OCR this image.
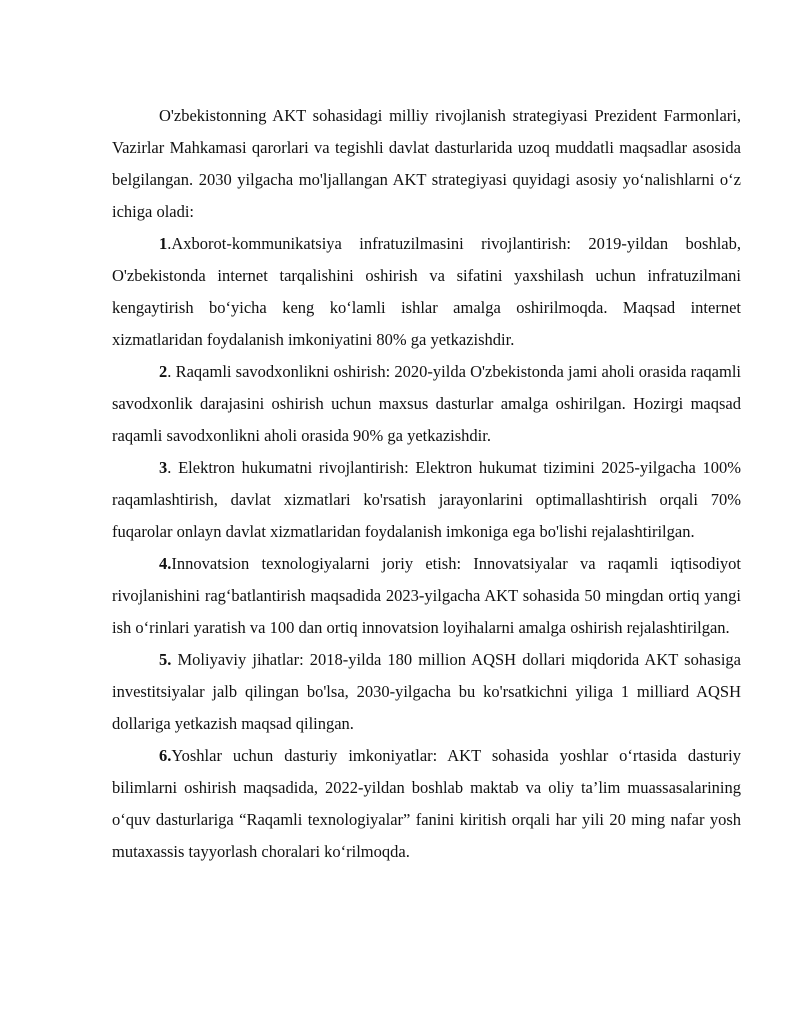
O'zbekistonning AKT sohasidagi milliy rivojlanish strategiyasi Prezident Farmonlari, Vazirlar Mahkamasi qarorlari va tegishli davlat dasturlarida uzoq muddatli maqsadlar asosida belgilangan. 2030 yilgacha mo'ljallangan AKT strategiyasi quyidagi asosiy yo‘nalishlarni o‘z ichiga oladi:

1.Axborot-kommunikatsiya infratuzilmasini rivojlantirish: 2019-yildan boshlab, O'zbekistonda internet tarqalishini oshirish va sifatini yaxshilash uchun infratuzilmani kengaytirish bo‘yicha keng ko‘lamli ishlar amalga oshirilmoqda. Maqsad internet xizmatlaridan foydalanish imkoniyatini 80% ga yetkazishdir.

2. Raqamli savodxonlikni oshirish: 2020-yilda O'zbekistonda jami aholi orasida raqamli savodxonlik darajasini oshirish uchun maxsus dasturlar amalga oshirilgan. Hozirgi maqsad raqamli savodxonlikni aholi orasida 90% ga yetkazishdir.

3. Elektron hukumatni rivojlantirish: Elektron hukumat tizimini 2025-yilgacha 100% raqamlashtirish, davlat xizmatlari ko'rsatish jarayonlarini optimallashtirish orqali 70% fuqarolar onlayn davlat xizmatlaridan foydalanish imkoniga ega bo'lishi rejalashtirilgan.

4.Innovatsion texnologiyalarni joriy etish: Innovatsiyalar va raqamli iqtisodiyot rivojlanishini rag‘batlantirish maqsadida 2023-yilgacha AKT sohasida 50 mingdan ortiq yangi ish o‘rinlari yaratish va 100 dan ortiq innovatsion loyihalarni amalga oshirish rejalashtirilgan.

5. Moliyaviy jihatlar: 2018-yilda 180 million AQSH dollari miqdorida AKT sohasiga investitsiyalar jalb qilingan bo'lsa, 2030-yilgacha bu ko'rsatkichni yiliga 1 milliard AQSH dollariga yetkazish maqsad qilingan.

6.Yoshlar uchun dasturiy imkoniyatlar: AKT sohasida yoshlar o‘rtasida dasturiy bilimlarni oshirish maqsadida, 2022-yildan boshlab maktab va oliy ta’lim muassasalarining o‘quv dasturlariga “Raqamli texnologiyalar” fanini kiritish orqali har yili 20 ming nafar yosh mutaxassis tayyorlash choralari ko‘rilmoqda.
